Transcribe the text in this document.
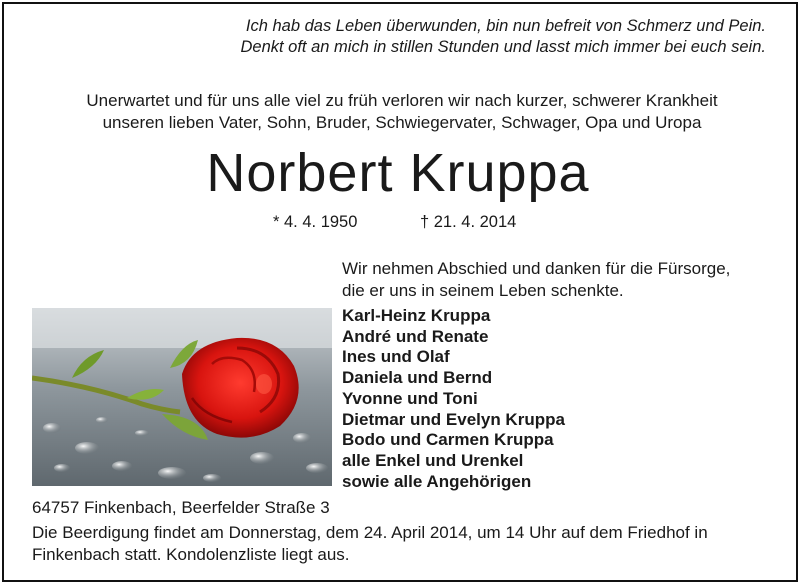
Ich hab das Leben überwunden, bin nun befreit von Schmerz und Pein.
Denkt oft an mich in stillen Stunden und lasst mich immer bei euch sein.
Unerwartet und für uns alle viel zu früh verloren wir nach kurzer, schwerer Krankheit
unseren lieben Vater, Sohn, Bruder, Schwiegervater, Schwager, Opa und Uropa
Norbert Kruppa
* 4. 4. 1950	† 21. 4. 2014
Wir nehmen Abschied und danken für die Fürsorge,
die er uns in seinem Leben schenkte.
Karl-Heinz Kruppa
André und Renate
Ines und Olaf
Daniela und Bernd
Yvonne und Toni
Dietmar und Evelyn Kruppa
Bodo und Carmen Kruppa
alle Enkel und Urenkel
sowie alle Angehörigen
64757 Finkenbach, Beerfelder Straße 3
Die Beerdigung findet am Donnerstag, dem 24. April 2014, um 14 Uhr auf dem Friedhof in
Finkenbach statt. Kondolenzliste liegt aus.
